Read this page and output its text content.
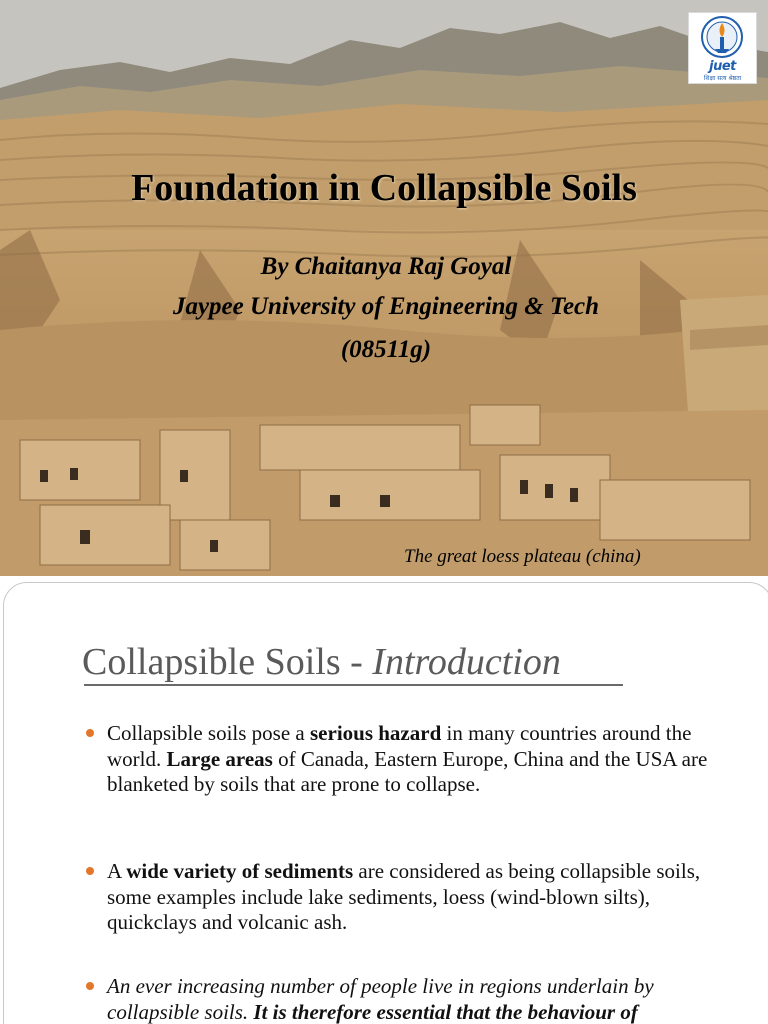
juet
शिक्षा सत्य श्रेष्ठता
Foundation in Collapsible Soils
By Chaitanya Raj Goyal
Jaypee University of Engineering & Tech
(08511g)
The great loess plateau (china)
Collapsible Soils - Introduction
Collapsible soils pose a serious hazard in many countries around the world. Large areas of Canada, Eastern Europe, China and the USA are blanketed by soils that are prone to collapse.
A wide variety of sediments are considered as being collapsible soils, some examples include lake sediments, loess (wind-blown silts), quickclays and volcanic ash.
An ever increasing number of people live in regions underlain by collapsible soils. It is therefore essential that the behaviour of
